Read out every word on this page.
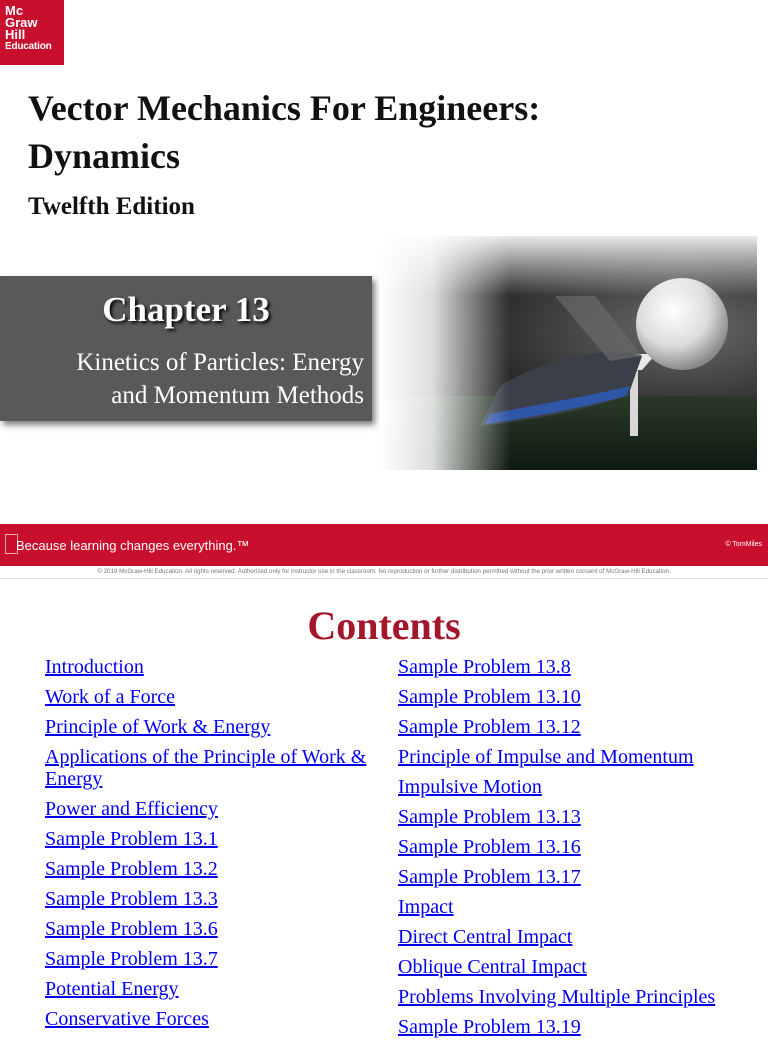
Mc
Graw
Hill
Education
Vector Mechanics For Engineers:
Dynamics
Twelfth Edition
Chapter 13
Kinetics of Particles: Energy
and Momentum Methods
Because learning changes everything.™	© TomMiles
© 2019 McGraw-Hill Education. All rights reserved. Authorized only for instructor use in the classroom. No reproduction or further distribution permitted without the prior written consent of McGraw-Hill Education.
Contents
Introduction
Work of a Force
Principle of Work & Energy
Applications of the Principle of Work & Energy
Power and Efficiency
Sample Problem 13.1
Sample Problem 13.2
Sample Problem 13.3
Sample Problem 13.6
Sample Problem 13.7
Potential Energy
Conservative Forces
Sample Problem 13.8
Sample Problem 13.10
Sample Problem 13.12
Principle of Impulse and Momentum
Impulsive Motion
Sample Problem 13.13
Sample Problem 13.16
Sample Problem 13.17
Impact
Direct Central Impact
Oblique Central Impact
Problems Involving Multiple Principles
Sample Problem 13.19
